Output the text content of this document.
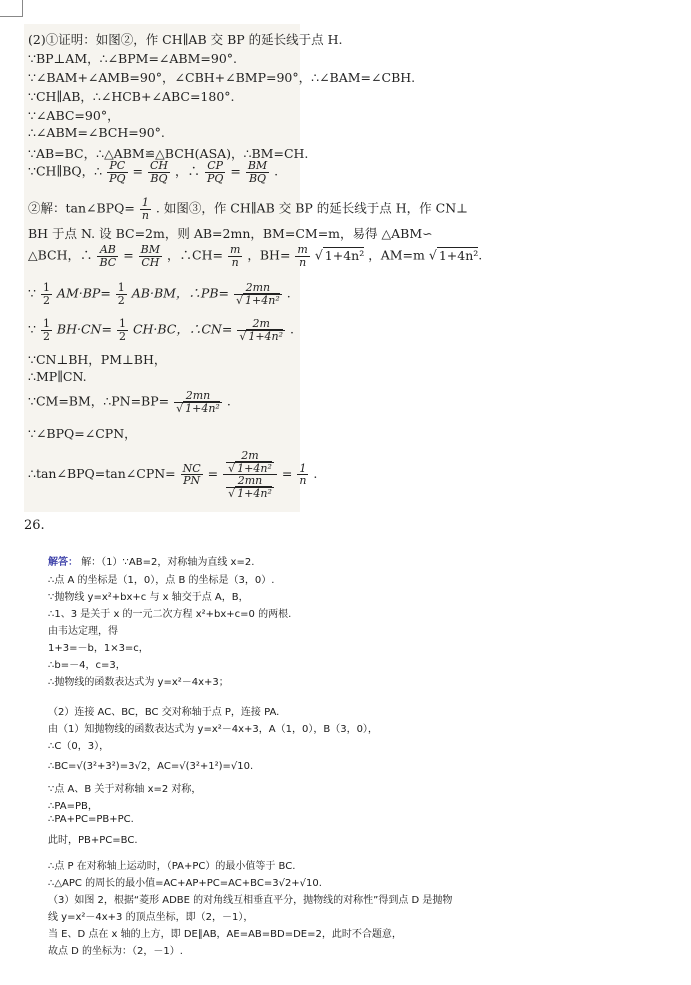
(2)①证明：如图②，作 CH∥AB 交 BP 的延长线于点 H.
∵BP⊥AM，∴∠BPM=∠ABM=90°.
∵∠BAM+∠AMB=90°，∠CBH+∠BMP=90°，∴∠BAM=∠CBH.
∵CH∥AB，∴∠HCB+∠ABC=180°.
∵∠ABC=90°，
∴∠ABM=∠BCH=90°.
∵AB=BC，∴△ABM≌△BCH(ASA)，∴BM=CH.
∵CH∥BQ，∴ $\frac{PC}{PQ} = \frac{CH}{BQ}$ ，∴ $\frac{CP}{PQ} = \frac{BM}{BQ}$ .
②解：tan∠BPQ= $\frac{1}{n}$ . 如图③，作 CH∥AB 交 BP 的延长线于点 H，作 CN⊥
BH 于点 N. 设 BC=2m，则 AB=2mn，BM=CM=m，易得 △ABM∽
△BCH，∴ $\frac{AB}{BC} = \frac{BM}{CH}$ ，∴CH= $\frac{m}{n}$ ，$BH= \frac{m}{n}$ √ 1+4n² ，AM=m √ 1+4n².
∵ $\frac{1}{2} AM\cdot BP= \frac{1}{2} AB\cdot BM$，∴PB= $\frac{2mn}{\text{√ 1+4n²}}$ .
∵ $\frac{1}{2} BH\cdot CN= \frac{1}{2} CH\cdot BC$，∴CN= $\frac{2m}{\text{√ 1+4n²}}$ .
∵CN⊥BH，PM⊥BH，
∴MP∥CN.
∵CM=BM，∴PN=BP= $\frac{2mn}{\text{√ 1+4n²}}$ .
∵∠BPQ=∠CPN，
∴tan∠BPQ=tan∠CPN= $\frac{NC}{PN} = \frac{\frac{2m}{\text{√ 1+4n²}}}{\frac{2mn}{\text{√ 1+4n²}}} = \frac{1}{n}$ .
26.
解答： 解：（1）∵AB=2，对称轴为直线 x=2.
∴点 A 的坐标是（1，0），点 B 的坐标是（3，0）.
∵抛物线 y=x²+bx+c 与 x 轴交于点 A，B，
∴1、3 是关于 x 的一元二次方程 x²+bx+c=0 的两根.
由韦达定理，得
1+3=－b，1×3=c，
∴b=－4，c=3，
∴抛物线的函数表达式为 y=x²－4x+3；
（2）连接 AC、BC，BC 交对称轴于点 P，连接 PA.
由（1）知抛物线的函数表达式为 y=x²－4x+3，A（1，0），B（3，0），
∴C（0，3），
∴BC=√(3²+3²)=3√2，AC=√(3²+1²)=√10.
∵点 A、B 关于对称轴 x=2 对称，
∴PA=PB，
∴PA+PC=PB+PC.
此时，PB+PC=BC.
∴点 P 在对称轴上运动时，（PA+PC）的最小值等于 BC.
∴△APC 的周长的最小值=AC+AP+PC=AC+BC=3√2+√10.
（3）如图 2，根据“菱形 ADBE 的对角线互相垂直平分，抛物线的对称性”得到点 D 是抛物
线 y=x²－4x+3 的顶点坐标，即（2，－1），
当 E、D 点在 x 轴的上方，即 DE∥AB，AE=AB=BD=DE=2，此时不合题意，
故点 D 的坐标为：（2，－1）.
